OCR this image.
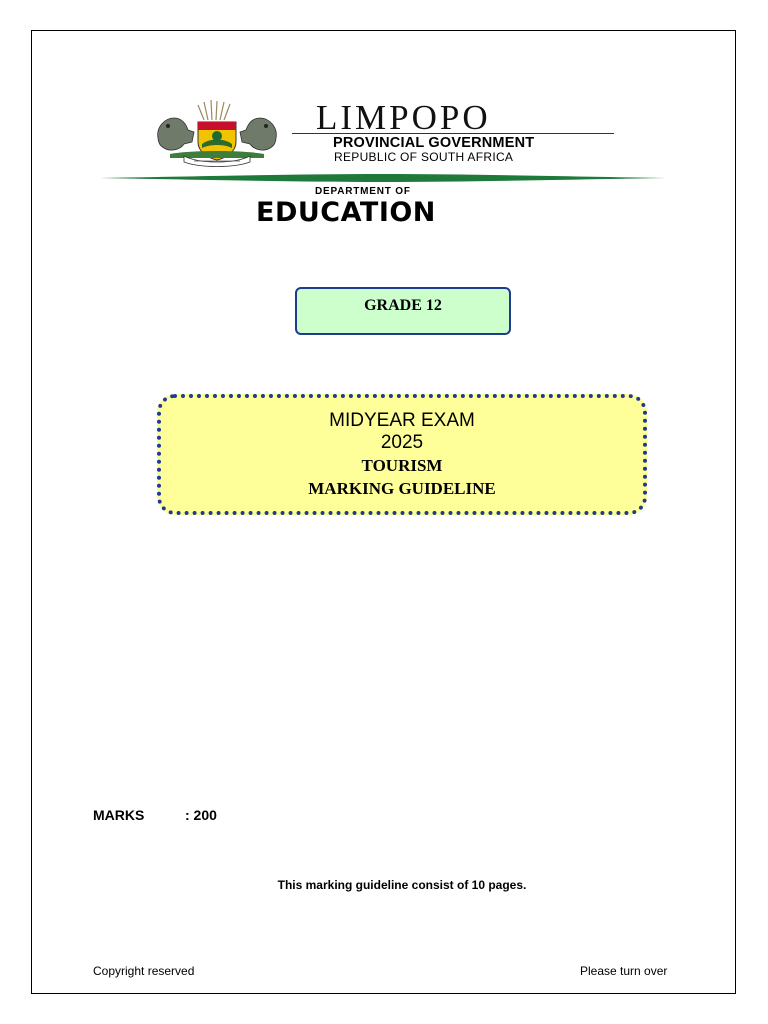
LIMPOPO
PROVINCIAL GOVERNMENT
REPUBLIC OF SOUTH AFRICA
DEPARTMENT OF
EDUCATION
GRADE 12
MIDYEAR EXAM
2025
TOURISM
MARKING GUIDELINE
MARKS	: 200
This marking guideline consist of 10 pages.
Copyright reserved	Please turn over
